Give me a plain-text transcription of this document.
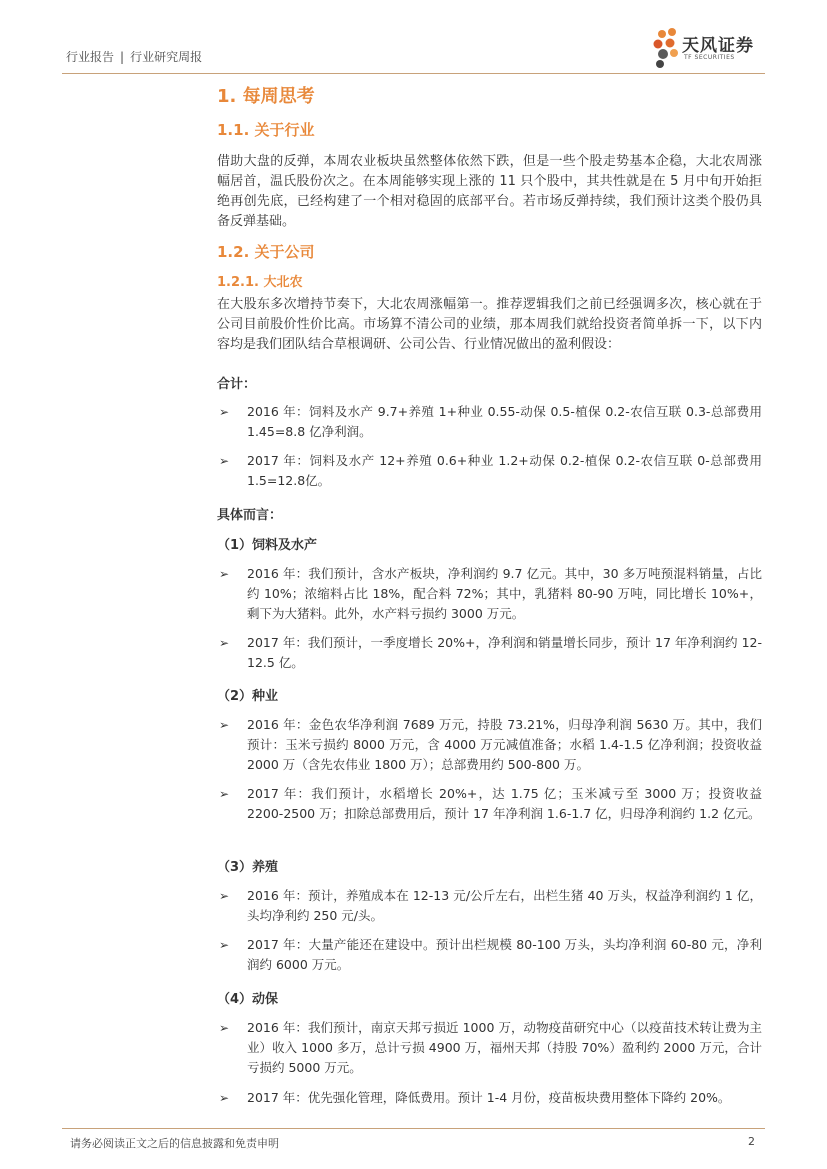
行业报告 | 行业研究周报
天风证券
TF SECURITIES
1. 每周思考
1.1. 关于行业
借助大盘的反弹，本周农业板块虽然整体依然下跌，但是一些个股走势基本企稳，大北农周涨幅居首，温氏股份次之。在本周能够实现上涨的 11 只个股中，其共性就是在 5 月中旬开始拒绝再创先底，已经构建了一个相对稳固的底部平台。若市场反弹持续，我们预计这类个股仍具备反弹基础。
1.2. 关于公司
1.2.1. 大北农
在大股东多次增持节奏下，大北农周涨幅第一。推荐逻辑我们之前已经强调多次，核心就在于公司目前股价性价比高。市场算不清公司的业绩，那本周我们就给投资者简单拆一下，以下内容均是我们团队结合草根调研、公司公告、行业情况做出的盈利假设：
合计：
➢ 2016 年：饲料及水产 9.7+养殖 1+种业 0.55-动保 0.5-植保 0.2-农信互联 0.3-总部费用 1.45=8.8 亿净利润。
➢ 2017 年：饲料及水产 12+养殖 0.6+种业 1.2+动保 0.2-植保 0.2-农信互联 0-总部费用 1.5=12.8亿。
具体而言：
（1）饲料及水产
➢ 2016 年：我们预计，含水产板块，净利润约 9.7 亿元。其中，30 多万吨预混料销量，占比约 10%；浓缩料占比 18%，配合料 72%；其中，乳猪料 80-90 万吨，同比增长 10%+，剩下为大猪料。此外，水产料亏损约 3000 万元。
➢ 2017 年：我们预计，一季度增长 20%+，净利润和销量增长同步，预计 17 年净利润约 12-12.5 亿。
（2）种业
➢ 2016 年：金色农华净利润 7689 万元，持股 73.21%，归母净利润 5630 万。其中，我们预计：玉米亏损约 8000 万元，含 4000 万元减值准备；水稻 1.4-1.5 亿净利润；投资收益 2000 万（含先农伟业 1800 万）；总部费用约 500-800 万。
➢ 2017 年：我们预计，水稻增长 20%+，达 1.75 亿；玉米减亏至 3000 万；投资收益 2200-2500 万；扣除总部费用后，预计 17 年净利润 1.6-1.7 亿，归母净利润约 1.2 亿元。
（3）养殖
➢ 2016 年：预计，养殖成本在 12-13 元/公斤左右，出栏生猪 40 万头，权益净利润约 1 亿，头均净利约 250 元/头。
➢ 2017 年：大量产能还在建设中。预计出栏规模 80-100 万头，头均净利润 60-80 元，净利润约 6000 万元。
（4）动保
➢ 2016 年：我们预计，南京天邦亏损近 1000 万，动物疫苗研究中心（以疫苗技术转让费为主业）收入 1000 多万，总计亏损 4900 万，福州天邦（持股 70%）盈利约 2000 万元，合计亏损约 5000 万元。
➢ 2017 年：优先强化管理，降低费用。预计 1-4 月份，疫苗板块费用整体下降约 20%。
请务必阅读正文之后的信息披露和免责申明	2
